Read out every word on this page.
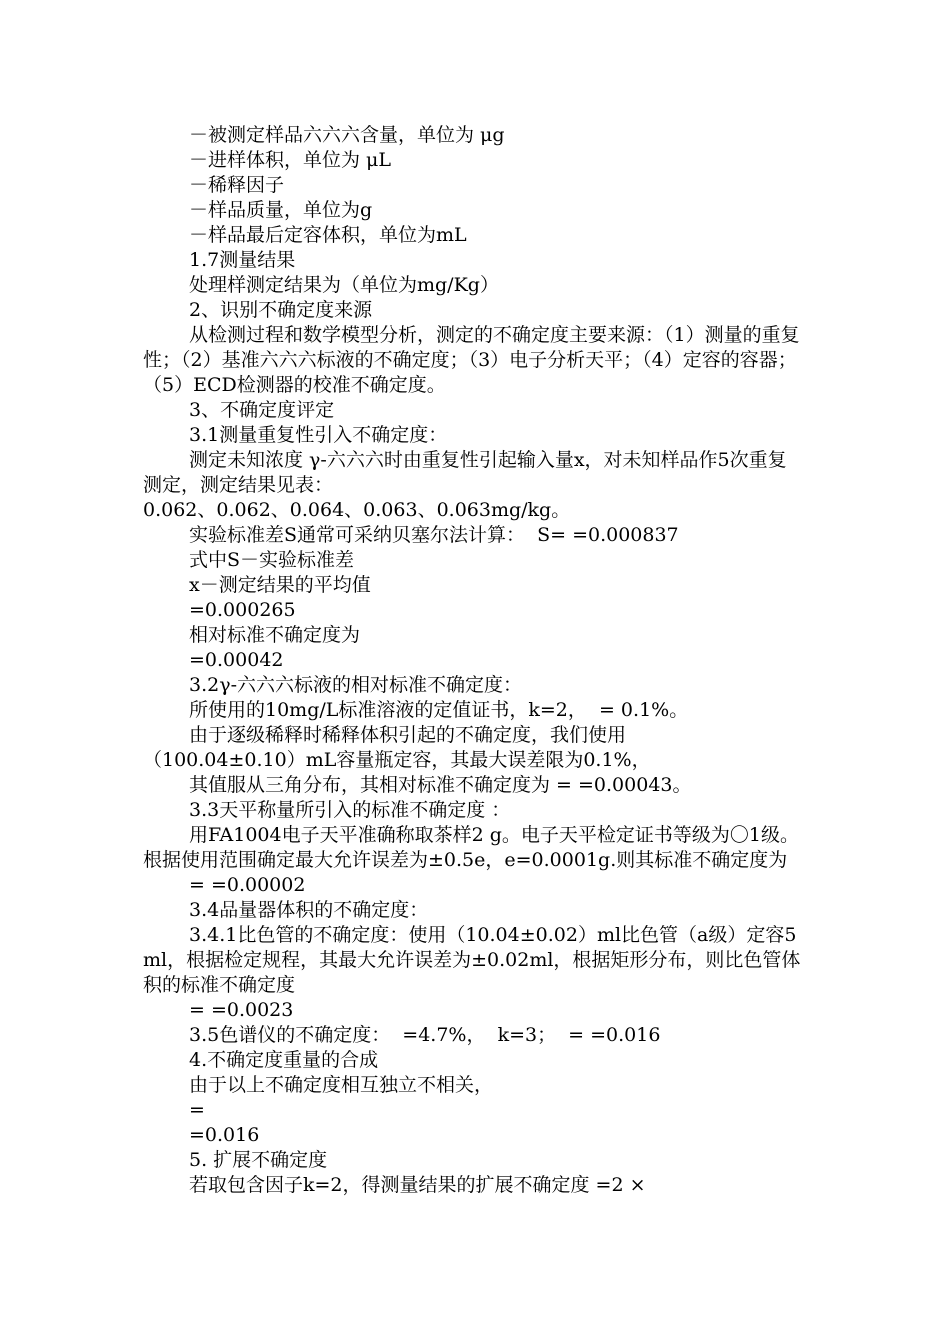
－被测定样品六六六含量，单位为 μg

－进样体积，单位为 μL

－稀释因子

－样品质量，单位为g

－样品最后定容体积，单位为mL

1.7测量结果

处理样测定结果为（单位为mg/Kg）

2、识别不确定度来源

从检测过程和数学模型分析，测定的不确定度主要来源：（1）测量的重复性；（2）基准六六六标液的不确定度；（3）电子分析天平；（4）定容的容器；（5）ECD检测器的校准不确定度。

3、不确定度评定

3.1测量重复性引入不确定度：

测定未知浓度 γ-六六六时由重复性引起输入量x，对未知样品作5次重复测定，测定结果见表：

0.062、0.062、0.064、0.063、0.063mg/kg。

实验标准差S通常可采纳贝塞尔法计算：  S= =0.000837

式中S－实验标准差

x－测定结果的平均值

=0.000265

相对标准不确定度为

=0.00042

3.2γ-六六六标液的相对标准不确定度：

所使用的10mg/L标准溶液的定值证书，k=2，  = 0.1%。

由于逐级稀释时稀释体积引起的不确定度，我们使用

（100.04±0.10）mL容量瓶定容，其最大误差限为0.1%，

其值服从三角分布，其相对标准不确定度为 = =0.00043。

3.3天平称量所引入的标准不确定度 ：

用FA1004电子天平准确称取茶样2 g。电子天平检定证书等级为〇1级。根据使用范围确定最大允许误差为±0.5e，e=0.0001g.则其标准不确定度为

= =0.00002

3.4品量器体积的不确定度：

3.4.1比色管的不确定度：使用（10.04±0.02）ml比色管（a级）定容5ml，根据检定规程，其最大允许误差为±0.02ml，根据矩形分布，则比色管体积的标准不确定度

= =0.0023

3.5色谱仪的不确定度：  =4.7%，  k=3；  = =0.016

4.不确定度重量的合成

由于以上不确定度相互独立不相关，

=

=0.016

5. 扩展不确定度

若取包含因子k=2，得测量结果的扩展不确定度 =2 ×
